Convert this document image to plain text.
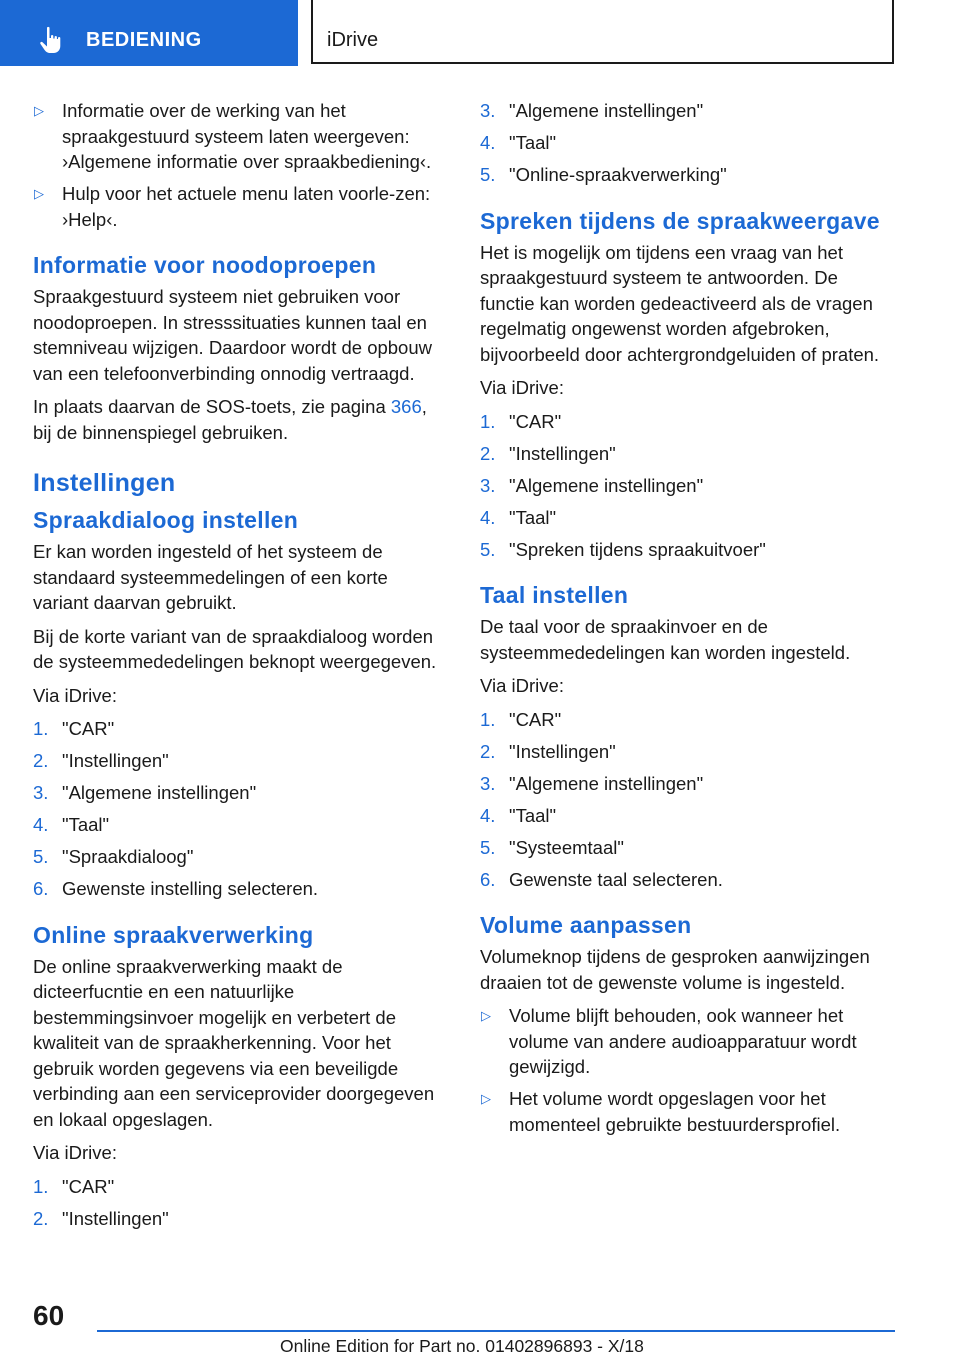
BEDIENING	iDrive
▷ Informatie over de werking van het spraakgestuurd systeem laten weergeven: ›Algemene informatie over spraakbediening‹.
▷ Hulp voor het actuele menu laten voorle-zen: ›Help‹.
Informatie voor noodoproepen

Spraakgestuurd systeem niet gebruiken voor noodoproepen. In stresssituaties kunnen taal en stemniveau wijzigen. Daardoor wordt de opbouw van een telefoonverbinding onnodig vertraagd.

In plaats daarvan de SOS-toets, zie pagina 366, bij de binnenspiegel gebruiken.

Instellingen
Spraakdialoog instellen

Er kan worden ingesteld of het systeem de standaard systeemmedelingen of een korte variant daarvan gebruikt.

Bij de korte variant van de spraakdialoog worden de systeemmededelingen beknopt weergegeven.

Via iDrive:

1. "CAR"
2. "Instellingen"
3. "Algemene instellingen"
4. "Taal"
5. "Spraakdialoog"
6. Gewenste instelling selecteren.
Online spraakverwerking

De online spraakverwerking maakt de dicteerfucntie en een natuurlijke bestemmingsinvoer mogelijk en verbetert de kwaliteit van de spraakherkenning. Voor het gebruik worden gegevens via een beveiligde verbinding aan een serviceprovider doorgegeven en lokaal opgeslagen.

Via iDrive:

1. "CAR"
2. "Instellingen"
3. "Algemene instellingen"
4. "Taal"
5. "Online-spraakverwerking"
Spreken tijdens de spraakweergave

Het is mogelijk om tijdens een vraag van het spraakgestuurd systeem te antwoorden. De functie kan worden gedeactiveerd als de vragen regelmatig ongewenst worden afgebroken, bijvoorbeeld door achtergrondgeluiden of praten.

Via iDrive:

1. "CAR"
2. "Instellingen"
3. "Algemene instellingen"
4. "Taal"
5. "Spreken tijdens spraakuitvoer"
Taal instellen

De taal voor de spraakinvoer en de systeemmededelingen kan worden ingesteld.

Via iDrive:

1. "CAR"
2. "Instellingen"
3. "Algemene instellingen"
4. "Taal"
5. "Systeemtaal"
6. Gewenste taal selecteren.
Volume aanpassen

Volumeknop tijdens de gesproken aanwijzingen draaien tot de gewenste volume is ingesteld.

▷ Volume blijft behouden, ook wanneer het volume van andere audioapparatuur wordt gewijzigd.
▷ Het volume wordt opgeslagen voor het momenteel gebruikte bestuurdersprofiel.
60
Online Edition for Part no. 01402896893 - X/18
